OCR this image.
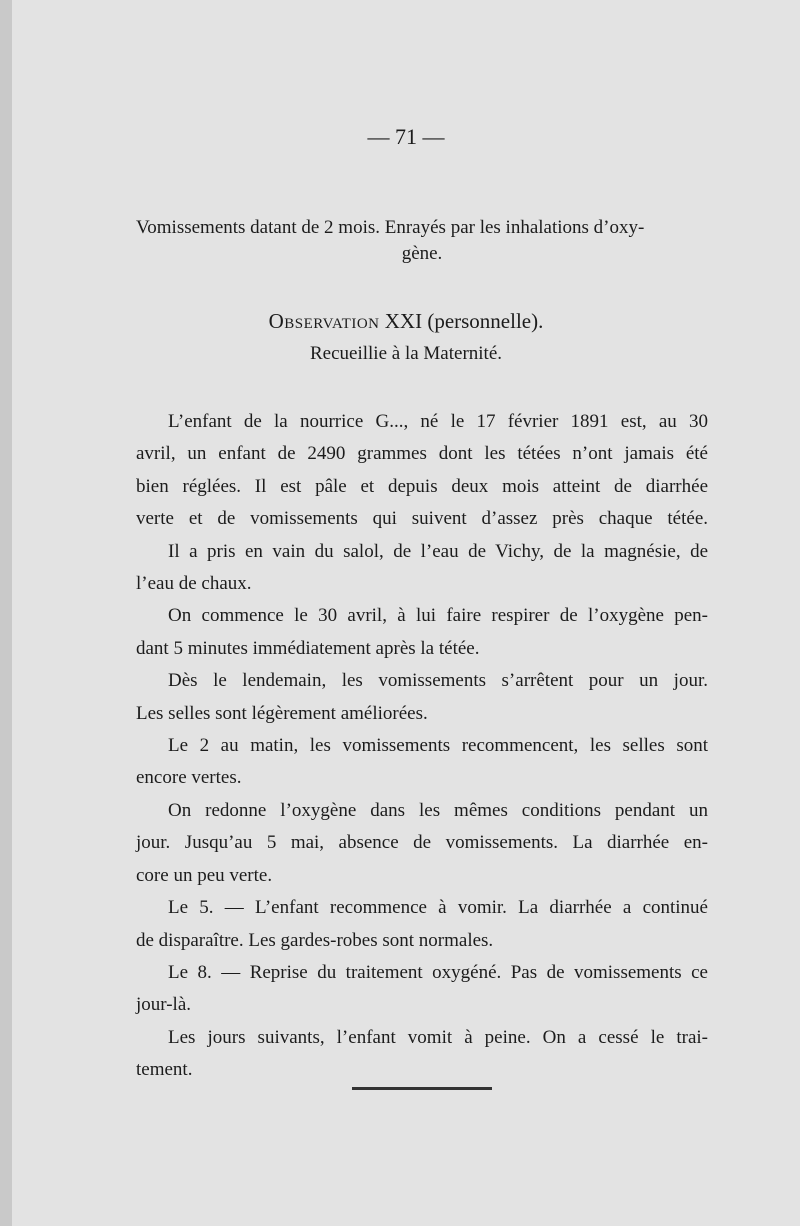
— 71 —
Vomissements datant de 2 mois. Enrayés par les inhalations d’oxy-
gène.
Observation XXI (personnelle).
Recueillie à la Maternité.
L’enfant de la nourrice G..., né le 17 février 1891 est, au 30
avril, un enfant de 2490 grammes dont les tétées n’ont jamais été
bien réglées. Il est pâle et depuis deux mois atteint de diarrhée
verte et de vomissements qui suivent d’assez près chaque tétée.
Il a pris en vain du salol, de l’eau de Vichy, de la magnésie, de
l’eau de chaux.
On commence le 30 avril, à lui faire respirer de l’oxygène pen-
dant 5 minutes immédiatement après la tétée.
Dès le lendemain, les vomissements s’arrêtent pour un jour.
Les selles sont légèrement améliorées.
Le 2 au matin, les vomissements recommencent, les selles sont
encore vertes.
On redonne l’oxygène dans les mêmes conditions pendant un
jour. Jusqu’au 5 mai, absence de vomissements. La diarrhée en-
core un peu verte.
Le 5. — L’enfant recommence à vomir. La diarrhée a continué
de disparaître. Les gardes-robes sont normales.
Le 8. — Reprise du traitement oxygéné. Pas de vomissements ce
jour-là.
Les jours suivants, l’enfant vomit à peine. On a cessé le trai-
tement.
